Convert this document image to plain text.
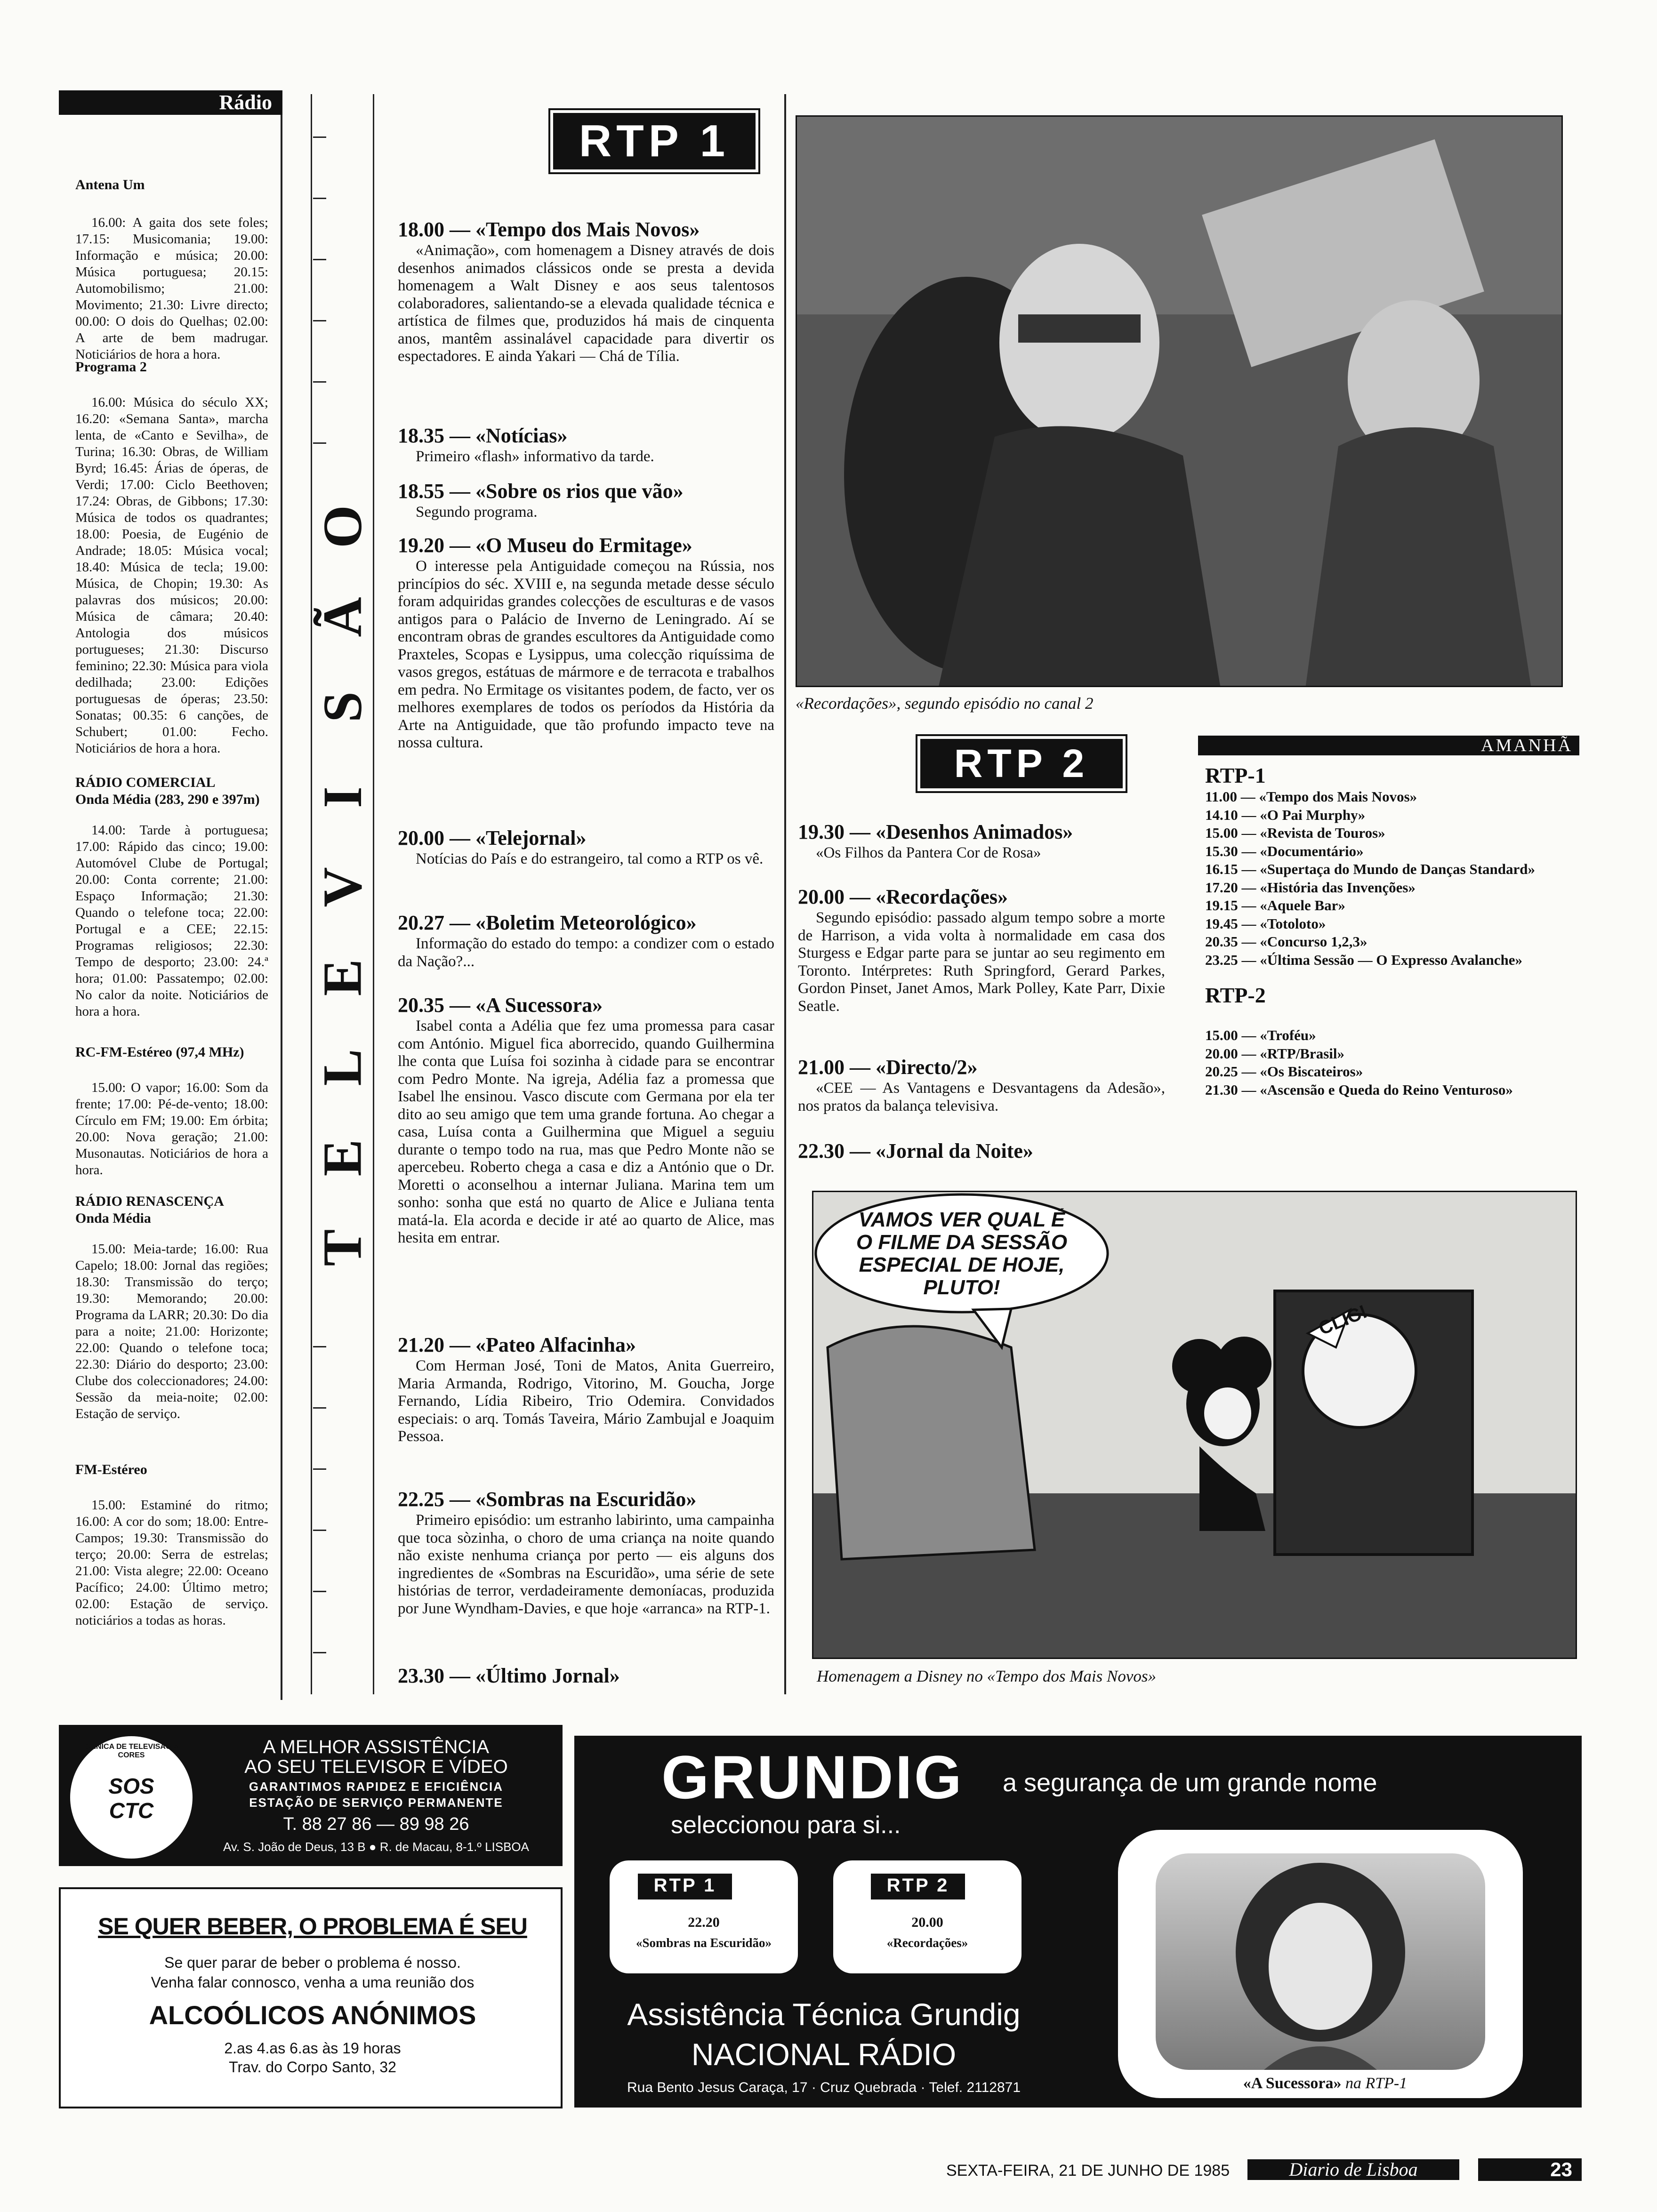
Rádio
Antena Um
16.00: A gaita dos sete foles; 17.15: Musicomania; 19.00: Informação e música; 20.00: Música portuguesa; 20.15: Automobilismo; 21.00: Movimento; 21.30: Livre directo; 00.00: O dois do Quelhas; 02.00: A arte de bem madrugar. Noticiários de hora a hora.
Programa 2
16.00: Música do século XX; 16.20: «Semana Santa», marcha lenta, de «Canto e Sevilha», de Turina; 16.30: Obras, de William Byrd; 16.45: Árias de óperas, de Verdi; 17.00: Ciclo Beethoven; 17.24: Obras, de Gibbons; 17.30: Música de todos os quadrantes; 18.00: Poesia, de Eugénio de Andrade; 18.05: Música vocal; 18.40: Música de tecla; 19.00: Música, de Chopin; 19.30: As palavras dos músicos; 20.00: Música de câmara; 20.40: Antologia dos músicos portugueses; 21.30: Discurso feminino; 22.30: Música para viola dedilhada; 23.00: Edições portuguesas de óperas; 23.50: Sonatas; 00.35: 6 canções, de Schubert; 01.00: Fecho. Noticiários de hora a hora.
RÁDIO COMERCIAL
Onda Média (283, 290 e 397m)
14.00: Tarde à portuguesa; 17.00: Rápido das cinco; 19.00: Automóvel Clube de Portugal; 20.00: Conta corrente; 21.00: Espaço Informação; 21.30: Quando o telefone toca; 22.00: Portugal e a CEE; 22.15: Programas religiosos; 22.30: Tempo de desporto; 23.00: 24.ª hora; 01.00: Passatempo; 02.00: No calor da noite. Noticiários de hora a hora.
RC-FM-Estéreo (97,4 MHz)
15.00: O vapor; 16.00: Som da frente; 17.00: Pé-de-vento; 18.00: Círculo em FM; 19.00: Em órbita; 20.00: Nova geração; 21.00: Musonautas. Noticiários de hora a hora.
RÁDIO RENASCENÇA
Onda Média
15.00: Meia-tarde; 16.00: Rua Capelo; 18.00: Jornal das regiões; 18.30: Transmissão do terço; 19.30: Memorando; 20.00: Programa da LARR; 20.30: Do dia para a noite; 21.00: Horizonte; 22.00: Quando o telefone toca; 22.30: Diário do desporto; 23.00: Clube dos coleccionadores; 24.00: Sessão da meia-noite; 02.00: Estação de serviço.
FM-Estéreo
15.00: Estaminé do ritmo; 16.00: A cor do som; 18.00: Entre-Campos; 19.30: Transmissão do terço; 20.00: Serra de estrelas; 21.00: Vista alegre; 22.00: Oceano Pacífico; 24.00: Último metro; 02.00: Estação de serviço. noticiários a todas as horas.
O
Ã
S
I
V
E
L
E
T
RTP 1
18.00 — «Tempo dos Mais Novos»
«Animação», com homenagem a Disney através de dois desenhos animados clássicos onde se presta a devida homenagem a Walt Disney e aos seus talentosos colaboradores, salientando-se a elevada qualidade técnica e artística de filmes que, produzidos há mais de cinquenta anos, mantêm assinalável capacidade para divertir os espectadores. E ainda Yakari — Chá de Tília.
18.35 — «Notícias»
Primeiro «flash» informativo da tarde.
18.55 — «Sobre os rios que vão»
Segundo programa.
19.20 — «O Museu do Ermitage»
O interesse pela Antiguidade começou na Rússia, nos princípios do séc. XVIII e, na segunda metade desse século foram adquiridas grandes colecções de esculturas e de vasos antigos para o Palácio de Inverno de Leningrado. Aí se encontram obras de grandes escultores da Antiguidade como Praxteles, Scopas e Lysippus, uma colecção riquíssima de vasos gregos, estátuas de mármore e de terracota e trabalhos em pedra. No Ermitage os visitantes podem, de facto, ver os melhores exemplares de todos os períodos da História da Arte na Antiguidade, que tão profundo impacto teve na nossa cultura.
20.00 — «Telejornal»
Notícias do País e do estrangeiro, tal como a RTP os vê.
20.27 — «Boletim Meteorológico»
Informação do estado do tempo: a condizer com o estado da Nação?...
20.35 — «A Sucessora»
Isabel conta a Adélia que fez uma promessa para casar com António. Miguel fica aborrecido, quando Guilhermina lhe conta que Luísa foi sozinha à cidade para se encontrar com Pedro Monte. Na igreja, Adélia faz a promessa que Isabel lhe ensinou. Vasco discute com Germana por ela ter dito ao seu amigo que tem uma grande fortuna. Ao chegar a casa, Luísa conta a Guilhermina que Miguel a seguiu durante o tempo todo na rua, mas que Pedro Monte não se apercebeu. Roberto chega a casa e diz a António que o Dr. Moretti o aconselhou a internar Juliana. Marina tem um sonho: sonha que está no quarto de Alice e Juliana tenta matá-la. Ela acorda e decide ir até ao quarto de Alice, mas hesita em entrar.
21.20 — «Pateo Alfacinha»
Com Herman José, Toni de Matos, Anita Guerreiro, Maria Armanda, Rodrigo, Vitorino, M. Goucha, Jorge Fernando, Lídia Ribeiro, Trio Odemira. Convidados especiais: o arq. Tomás Taveira, Mário Zambujal e Joaquim Pessoa.
22.25 — «Sombras na Escuridão»
Primeiro episódio: um estranho labirinto, uma campainha que toca sòzinha, o choro de uma criança na noite quando não existe nenhuma criança por perto — eis alguns dos ingredientes de «Sombras na Escuridão», uma série de sete histórias de terror, verdadeiramente demoníacas, produzida por June Wyndham-Davies, e que hoje «arranca» na RTP-1.
23.30 — «Último Jornal»
«Recordações», segundo episódio no canal 2
RTP 2
19.30 — «Desenhos Animados»
«Os Filhos da Pantera Cor de Rosa»
20.00 — «Recordações»
Segundo episódio: passado algum tempo sobre a morte de Harrison, a vida volta à normalidade em casa dos Sturgess e Edgar parte para se juntar ao seu regimento em Toronto. Intérpretes: Ruth Springford, Gerard Parkes, Gordon Pinset, Janet Amos, Mark Polley, Kate Parr, Dixie Seatle.
21.00 — «Directo/2»
«CEE — As Vantagens e Desvantagens da Adesão», nos pratos da balança televisiva.
22.30 — «Jornal da Noite»
AMANHÃ
RTP-1
11.00 — «Tempo dos Mais Novos»
14.10 — «O Pai Murphy»
15.00 — «Revista de Touros»
15.30 — «Documentário»
16.15 — «Supertaça do Mundo de Danças Standard»
17.20 — «História das Invenções»
19.15 — «Aquele Bar»
19.45 — «Totoloto»
20.35 — «Concurso 1,2,3»
23.25 — «Última Sessão — O Expresso Avalanche»
RTP-2
15.00 — «Troféu»
20.00 — «RTP/Brasil»
20.25 — «Os Biscateiros»
21.30 — «Ascensão e Queda do Reino Venturoso»
VAMOS VER QUAL É O FILME DA SESSÃO ESPECIAL DE HOJE, PLUTO!
CLIC!
Homenagem a Disney no «Tempo dos Mais Novos»
CLÍNICA DE TELEVISÃO A CORES
SOS CTC
A MELHOR ASSISTÊNCIA
AO SEU TELEVISOR E VÍDEO
GARANTIMOS RAPIDEZ E EFICIÊNCIA
ESTAÇÃO DE SERVIÇO PERMANENTE
T. 88 27 86 — 89 98 26
Av. S. João de Deus, 13 B ● R. de Macau, 8-1.º LISBOA
SE QUER BEBER, O PROBLEMA É SEU
Se quer parar de beber o problema é nosso.
Venha falar connosco, venha a uma reunião dos
ALCOÓLICOS ANÓNIMOS
2.as 4.as 6.as às 19 horas
Trav. do Corpo Santo, 32
GRUNDIG a segurança de um grande nome
seleccionou para si...
RTP 1
22.20
«Sombras na Escuridão»
RTP 2
20.00
«Recordações»
«A Sucessora» na RTP-1
Assistência Técnica Grundig
NACIONAL RÁDIO
Rua Bento Jesus Caraça, 17 · Cruz Quebrada · Telef. 2112871
SEXTA-FEIRA, 21 DE JUNHO DE 1985	Diario de Lisboa	23
